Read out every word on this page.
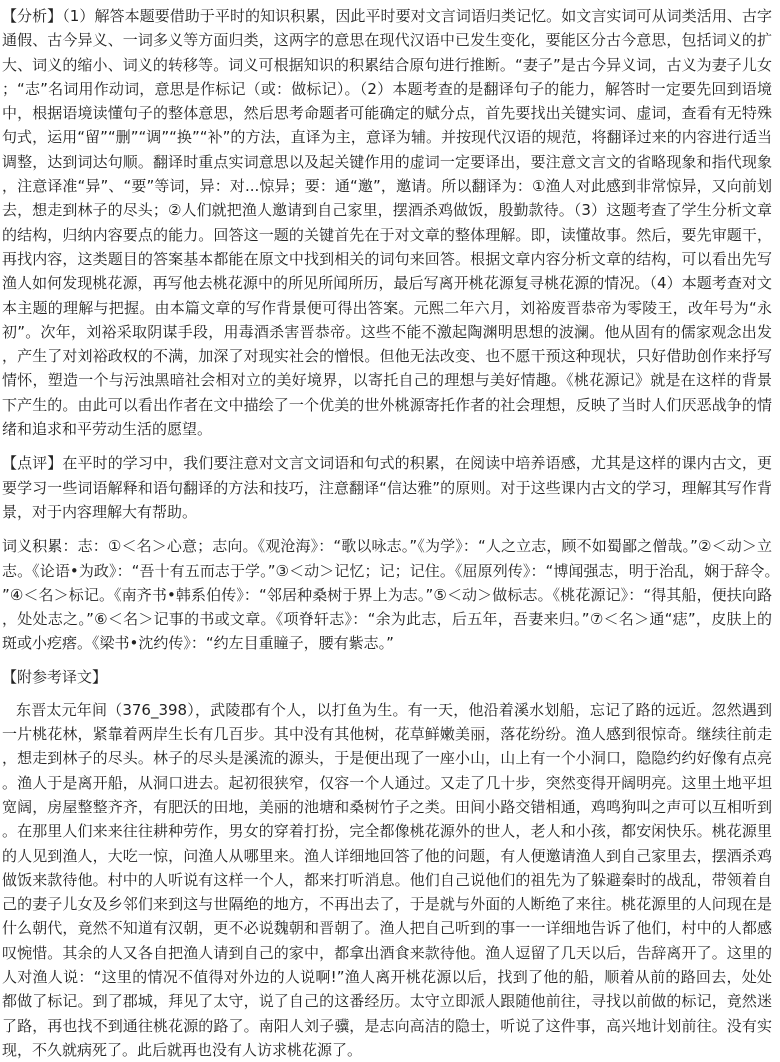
【分析】（1）解答本题要借助于平时的知识积累，因此平时要对文言词语归类记忆。如文言实词可从词类活用、古字通假、古今异义、一词多义等方面归类，这两字的意思在现代汉语中已发生变化，要能区分古今意思，包括词义的扩大、词义的缩小、词义的转移等。词义可根据知识的积累结合原句进行推断。“妻子”是古今异义词，古义为妻子儿女；“志”名词用作动词，意思是作标记（或：做标记）。（2）本题考查的是翻译句子的能力，解答时一定要先回到语境中，根据语境读懂句子的整体意思，然后思考命题者可能确定的赋分点，首先要找出关键实词、虚词，查看有无特殊句式，运用“留”“删”“调”“换”“补”的方法，直译为主，意译为辅。并按现代汉语的规范，将翻译过来的内容进行适当调整，达到词达句顺。翻译时重点实词意思以及起关键作用的虚词一定要译出，要注意文言文的省略现象和指代现象，注意译准“异”、“要”等词，异：对...惊异；要：通“邀”，邀请。所以翻译为：①渔人对此感到非常惊异，又向前划去，想走到林子的尽头；②人们就把渔人邀请到自己家里，摆酒杀鸡做饭，殷勤款待。（3）这题考查了学生分析文章的结构，归纳内容要点的能力。回答这一题的关键首先在于对文章的整体理解。即，读懂故事。然后，要先审题干，再找内容，这类题目的答案基本都能在原文中找到相关的词句来回答。根据文章内容分析文章的结构，可以看出先写渔人如何发现桃花源，再写他去桃花源中的所见所闻所历，最后写离开桃花源复寻桃花源的情况。（4）本题考查对文本主题的理解与把握。由本篇文章的写作背景便可得出答案。元熙二年六月，刘裕废晋恭帝为零陵王，改年号为“永初”。次年，刘裕采取阴谋手段，用毒酒杀害晋恭帝。这些不能不激起陶渊明思想的波澜。他从固有的儒家观念出发，产生了对刘裕政权的不满，加深了对现实社会的憎恨。但他无法改变、也不愿干预这种现状，只好借助创作来抒写情怀，塑造一个与污浊黑暗社会相对立的美好境界，以寄托自己的理想与美好情趣。《桃花源记》就是在这样的背景下产生的。由此可以看出作者在文中描绘了一个优美的世外桃源寄托作者的社会理想，反映了当时人们厌恶战争的情绪和追求和平劳动生活的愿望。

【点评】在平时的学习中，我们要注意对文言文词语和句式的积累，在阅读中培养语感，尤其是这样的课内古文，更要学习一些词语解释和语句翻译的方法和技巧，注意翻译“信达雅”的原则。对于这些课内古文的学习，理解其写作背景，对于内容理解大有帮助。

词义积累：志：①＜名＞心意；志向。《观沧海》：“歌以咏志。”《为学》：“人之立志，顾不如蜀鄙之僧哉。”②＜动＞立志。《论语•为政》：“吾十有五而志于学。”③＜动＞记忆；记；记住。《屈原列传》：“博闻强志，明于治乱，娴于辞令。”④＜名＞标记。《南齐书•韩系伯传》：“邻居种桑树于界上为志。”⑤＜动＞做标志。《桃花源记》：“得其船，便扶向路，处处志之。”⑥＜名＞记事的书或文章。《项脊轩志》：“余为此志，后五年，吾妻来归。”⑦＜名＞通“痣”，皮肤上的斑或小疙瘩。《梁书•沈约传》：“约左目重瞳子，腰有紫志。”

【附参考译文】

东晋太元年间（376_398），武陵郡有个人，以打鱼为生。有一天，他沿着溪水划船，忘记了路的远近。忽然遇到一片桃花林，紧靠着两岸生长有几百步。其中没有其他树，花草鲜嫩美丽，落花纷纷。渔人感到很惊奇。继续往前走，想走到林子的尽头。林子的尽头是溪流的源头，于是便出现了一座小山，山上有一个小洞口，隐隐约约好像有点亮。渔人于是离开船，从洞口进去。起初很狭窄，仅容一个人通过。又走了几十步，突然变得开阔明亮。这里土地平坦宽阔，房屋整整齐齐，有肥沃的田地，美丽的池塘和桑树竹子之类。田间小路交错相通，鸡鸣狗叫之声可以互相听到。在那里人们来来往往耕种劳作，男女的穿着打扮，完全都像桃花源外的世人，老人和小孩，都安闲快乐。桃花源里的人见到渔人，大吃一惊，问渔人从哪里来。渔人详细地回答了他的问题，有人便邀请渔人到自己家里去，摆酒杀鸡做饭来款待他。村中的人听说有这样一个人，都来打听消息。他们自己说他们的祖先为了躲避秦时的战乱，带领着自己的妻子儿女及乡邻们来到这与世隔绝的地方，不再出去了，于是就与外面的人断绝了来往。桃花源里的人问现在是什么朝代，竟然不知道有汉朝，更不必说魏朝和晋朝了。渔人把自己听到的事一一详细地告诉了他们，村中的人都感叹惋惜。其余的人又各自把渔人请到自己的家中，都拿出酒食来款待他。渔人逗留了几天以后，告辞离开了。这里的人对渔人说：“这里的情况不值得对外边的人说啊!”渔人离开桃花源以后，找到了他的船，顺着从前的路回去，处处都做了标记。到了郡城，拜见了太守，说了自己的这番经历。太守立即派人跟随他前往，寻找以前做的标记，竟然迷了路，再也找不到通往桃花源的路了。南阳人刘子骥，是志向高洁的隐士，听说了这件事，高兴地计划前往。没有实现，不久就病死了。此后就再也没有人访求桃花源了。
